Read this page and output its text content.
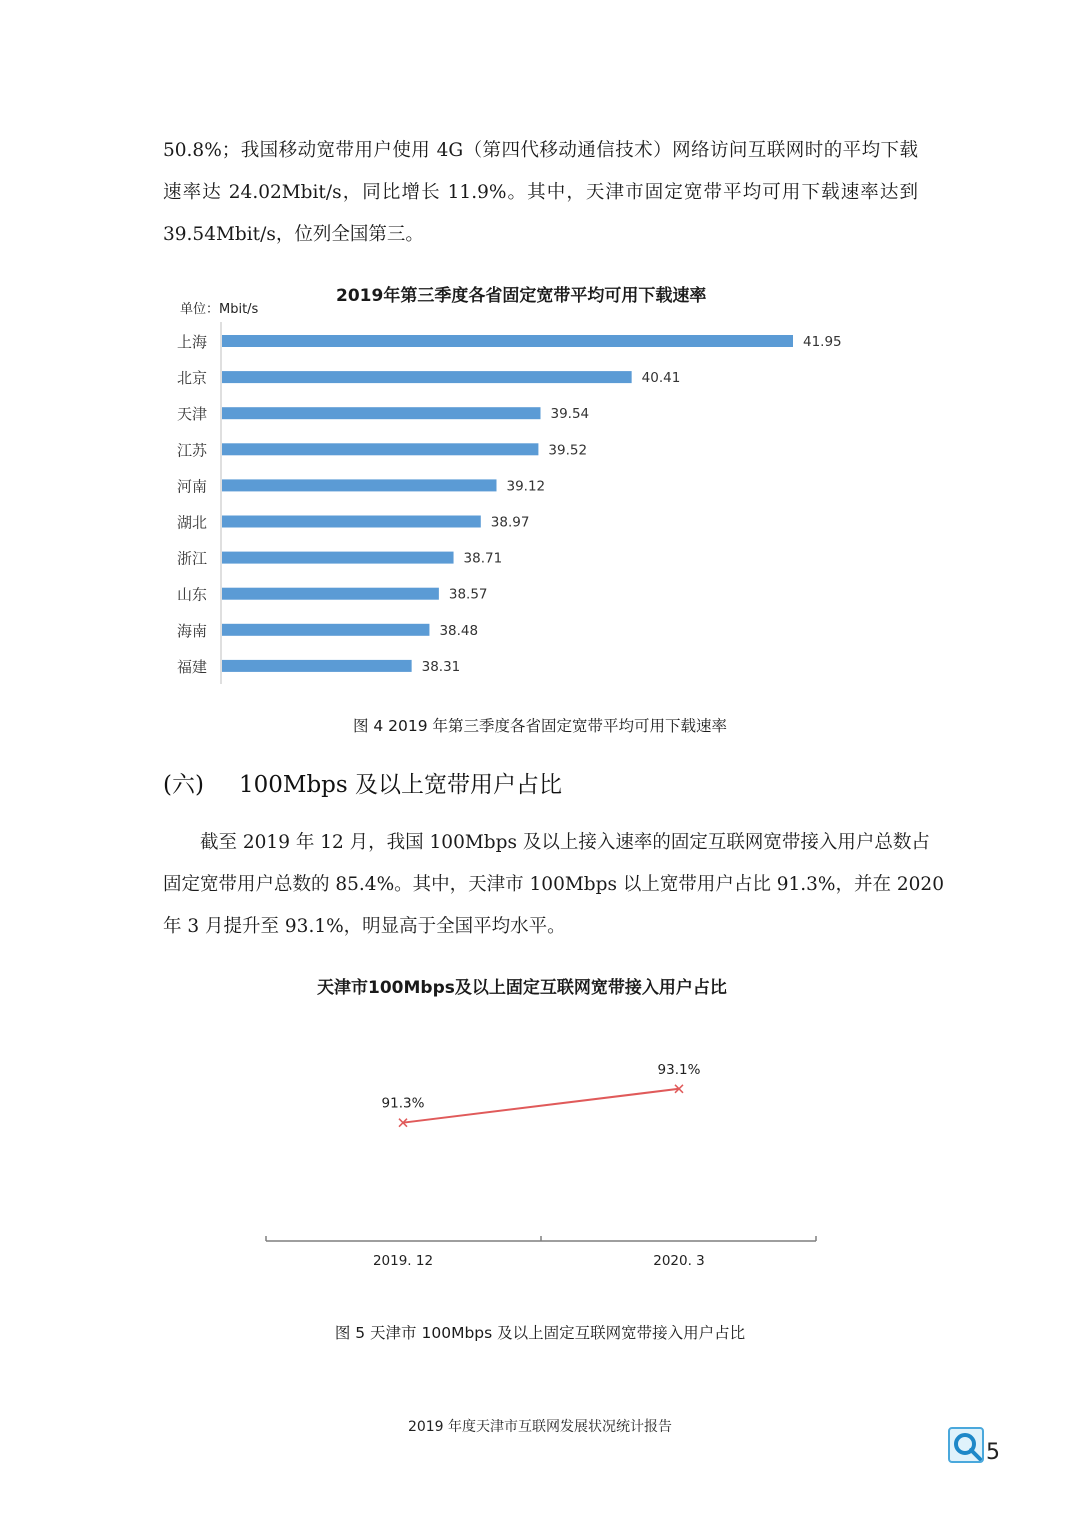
50.8%；我国移动宽带用户使用 4G（第四代移动通信技术）网络访问互联网时的平均下载
速率达 24.02Mbit/s，同比增长 11.9%。其中，天津市固定宽带平均可用下载速率达到
39.54Mbit/s，位列全国第三。
2019年第三季度各省固定宽带平均可用下载速率
单位：Mbit/s
上海	41.95
北京	40.41
天津	39.54
江苏	39.52
河南	39.12
湖北	38.97
浙江	38.71
山东	38.57
海南	38.48
福建	38.31
图 4 2019 年第三季度各省固定宽带平均可用下载速率
(六) 100Mbps 及以上宽带用户占比
截至 2019 年 12 月，我国 100Mbps 及以上接入速率的固定互联网宽带接入用户总数占
固定宽带用户总数的 85.4%。其中，天津市 100Mbps 以上宽带用户占比 91.3%，并在 2020
年 3 月提升至 93.1%，明显高于全国平均水平。
天津市100Mbps及以上固定互联网宽带接入用户占比
91.3%
2019. 12
93.1%
2020. 3
图 5 天津市 100Mbps 及以上固定互联网宽带接入用户占比
2019 年度天津市互联网发展状况统计报告
5
